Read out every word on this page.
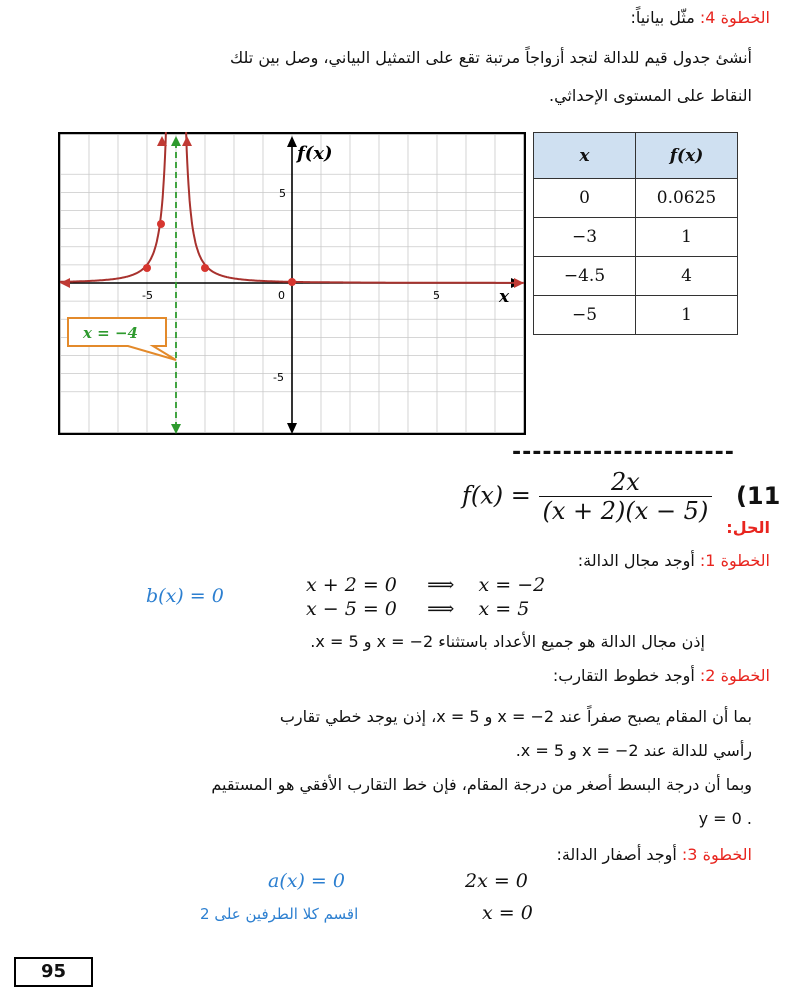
الخطوة 4: مثّل بيانياً:
أنشئ جدول قيم للدالة لتجد أزواجاً مرتبة تقع على التمثيل البياني، وصل بين تلك
النقاط على المستوى الإحداثي.
-5	0	5
5
-5
f(x)
x
x = −4
x	f(x)
0	0.0625
−3	1
−4.5	4
−5	1
----------------------
$f(x) = \frac{2x}{(x + 2)(x - 5)} (11$
الحل:
الخطوة 1: أوجد مجال الدالة:
b(x) = 0	x + 2 = 0     ⟹    x = −2
x − 5 = 0     ⟹    x = 5
إذن مجال الدالة هو جميع الأعداد باستثناء x = −2 و x = 5.
الخطوة 2: أوجد خطوط التقارب:
بما أن المقام يصبح صفراً عند x = −2 و x = 5، إذن يوجد خطي تقارب
رأسي للدالة عند x = −2 و x = 5.
وبما أن درجة البسط أصغر من درجة المقام، فإن خط التقارب الأفقي هو المستقيم
. y = 0
الخطوة 3: أوجد أصفار الدالة:
a(x) = 0	2x = 0
اقسم كلا الطرفين على 2	x = 0
95
